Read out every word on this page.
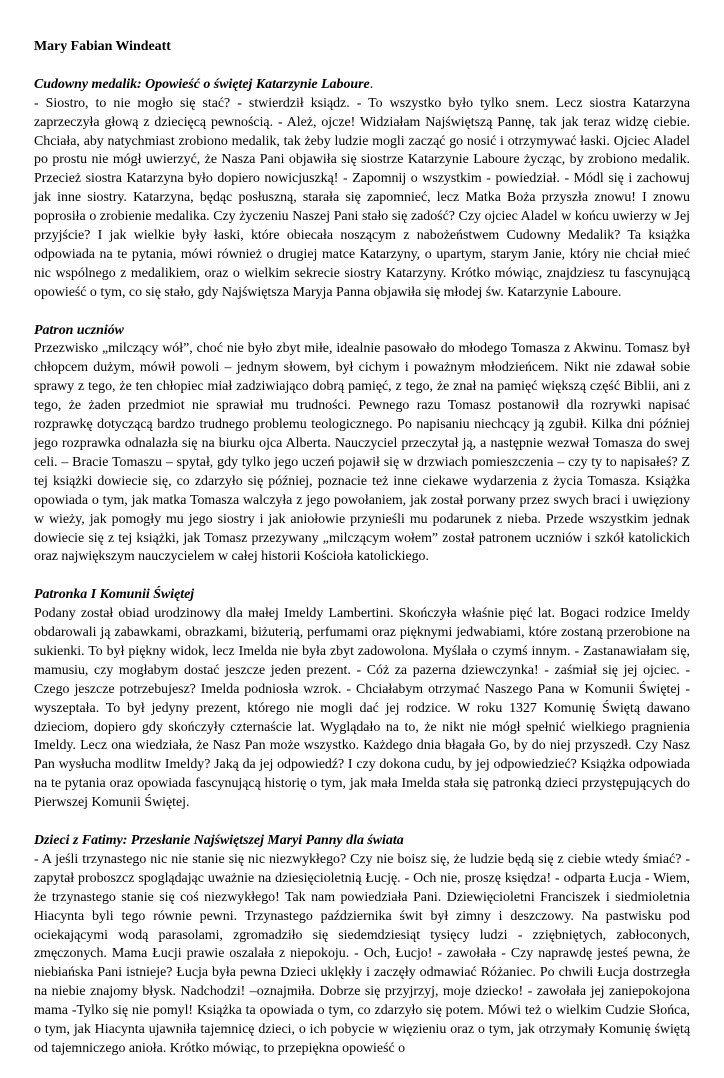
Mary Fabian Windeatt
Cudowny medalik: Opowieść o świętej Katarzynie Laboure.
- Siostro, to nie mogło się stać? - stwierdził ksiądz. - To wszystko było tylko snem. Lecz siostra Katarzyna zaprzeczyła głową z dziecięcą pewnością. - Ależ, ojcze! Widziałam Najświętszą Pannę, tak jak teraz widzę ciebie. Chciała, aby natychmiast zrobiono medalik, tak żeby ludzie mogli zacząć go nosić i otrzymywać łaski. Ojciec Aladel po prostu nie mógł uwierzyć, że Nasza Pani objawiła się siostrze Katarzynie Laboure życząc, by zrobiono medalik. Przecież siostra Katarzyna było dopiero nowicjuszką! - Zapomnij o wszystkim - powiedział. - Módl się i zachowuj jak inne siostry. Katarzyna, będąc posłuszną, starała się zapomnieć, lecz Matka Boża przyszła znowu! I znowu poprosiła o zrobienie medalika. Czy życzeniu Naszej Pani stało się zadość? Czy ojciec Aladel w końcu uwierzy w Jej przyjście? I jak wielkie były łaski, które obiecała noszącym z nabożeństwem Cudowny Medalik? Ta książka odpowiada na te pytania, mówi również o drugiej matce Katarzyny, o upartym, starym Janie, który nie chciał mieć nic wspólnego z medalikiem, oraz o wielkim sekrecie siostry Katarzyny. Krótko mówiąc, znajdziesz tu fascynującą opowieść o tym, co się stało, gdy Najświętsza Maryja Panna objawiła się młodej św. Katarzynie Laboure.
Patron uczniów
Przezwisko „milczący wół”, choć nie było zbyt miłe, idealnie pasowało do młodego Tomasza z Akwinu. Tomasz był chłopcem dużym, mówił powoli – jednym słowem, był cichym i poważnym młodzieńcem. Nikt nie zdawał sobie sprawy z tego, że ten chłopiec miał zadziwiająco dobrą pamięć, z tego, że znał na pamięć większą część Biblii, ani z tego, że żaden przedmiot nie sprawiał mu trudności. Pewnego razu Tomasz postanowił dla rozrywki napisać rozprawkę dotyczącą bardzo trudnego problemu teologicznego. Po napisaniu niechcący ją zgubił. Kilka dni później jego rozprawka odnalazła się na biurku ojca Alberta. Nauczyciel przeczytał ją, a następnie wezwał Tomasza do swej celi. – Bracie Tomaszu – spytał, gdy tylko jego uczeń pojawił się w drzwiach pomieszczenia – czy ty to napisałeś? Z tej książki dowiecie się, co zdarzyło się później, poznacie też inne ciekawe wydarzenia z życia Tomasza. Książka opowiada o tym, jak matka Tomasza walczyła z jego powołaniem, jak został porwany przez swych braci i uwięziony w wieży, jak pomogły mu jego siostry i jak aniołowie przynieśli mu podarunek z nieba. Przede wszystkim jednak dowiecie się z tej książki, jak Tomasz przezywany „milczącym wołem” został patronem uczniów i szkół katolickich oraz największym nauczycielem w całej historii Kościoła katolickiego.
Patronka I Komunii Świętej
Podany został obiad urodzinowy dla małej Imeldy Lambertini. Skończyła właśnie pięć lat. Bogaci rodzice Imeldy obdarowali ją zabawkami, obrazkami, biżuterią, perfumami oraz pięknymi jedwabiami, które zostaną przerobione na sukienki. To był piękny widok, lecz Imelda nie była zbyt zadowolona. Myślała o czymś innym. - Zastanawiałam się, mamusiu, czy mogłabym dostać jeszcze jeden prezent. - Cóż za pazerna dziewczynka! - zaśmiał się jej ojciec. - Czego jeszcze potrzebujesz? Imelda podniosła wzrok. - Chciałabym otrzymać Naszego Pana w Komunii Świętej - wyszeptała. To był jedyny prezent, którego nie mogli dać jej rodzice. W roku 1327 Komunię Świętą dawano dzieciom, dopiero gdy skończyły czternaście lat. Wyglądało na to, że nikt nie mógł spełnić wielkiego pragnienia Imeldy. Lecz ona wiedziała, że Nasz Pan może wszystko. Każdego dnia błagała Go, by do niej przyszedł. Czy Nasz Pan wysłucha modlitw Imeldy? Jaką da jej odpowiedź? I czy dokona cudu, by jej odpowiedzieć? Książka odpowiada na te pytania oraz opowiada fascynującą historię o tym, jak mała Imelda stała się patronką dzieci przystępujących do Pierwszej Komunii Świętej.
Dzieci z Fatimy: Przesłanie Najświętszej Maryi Panny dla świata
- A jeśli trzynastego nic nie stanie się nic niezwykłego? Czy nie boisz się, że ludzie będą się z ciebie wtedy śmiać? - zapytał proboszcz spoglądając uważnie na dziesięcioletnią Łucję. - Och nie, proszę księdza! - odparta Łucja - Wiem, że trzynastego stanie się coś niezwykłego! Tak nam powiedziała Pani. Dziewięcioletni Franciszek i siedmioletnia Hiacynta byli tego równie pewni. Trzynastego października świt był zimny i deszczowy. Na pastwisku pod ociekającymi wodą parasolami, zgromadziło się siedemdziesiąt tysięcy ludzi - zziębniętych, zabłoconych, zmęczonych. Mama Łucji prawie oszalała z niepokoju. - Och, Łucjo! - zawołała - Czy naprawdę jesteś pewna, że niebiańska Pani istnieje? Łucja była pewna Dzieci uklękły i zaczęły odmawiać Różaniec. Po chwili Łucja dostrzegła na niebie znajomy błysk. Nadchodzi! –oznajmiła. Dobrze się przyjrzyj, moje dziecko! - zawołała jej zaniepokojona mama -Tylko się nie pomyl! Książka ta opowiada o tym, co zdarzyło się potem. Mówi też o wielkim Cudzie Słońca, o tym, jak Hiacynta ujawniła tajemnicę dzieci, o ich pobycie w więzieniu oraz o tym, jak otrzymały Komunię świętą od tajemniczego anioła. Krótko mówiąc, to przepiękna opowieść o
